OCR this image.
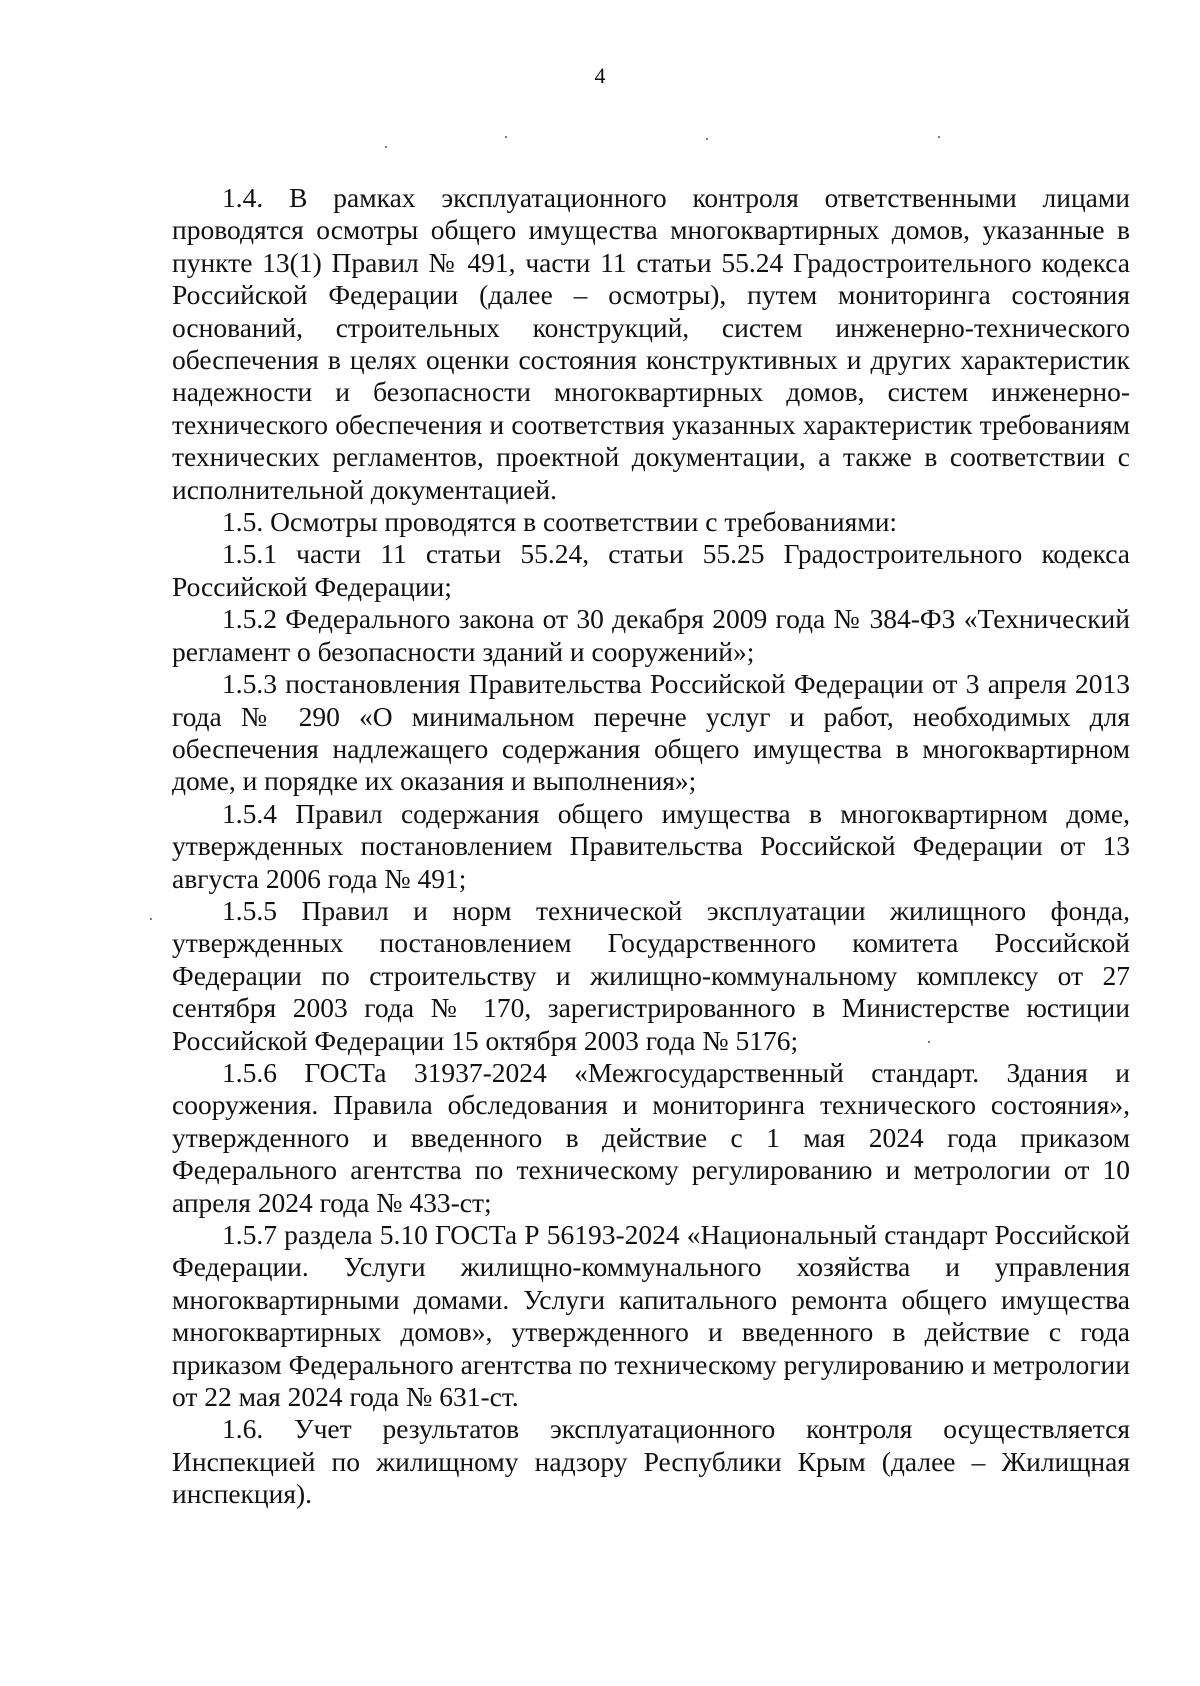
4

1.4. В рамках эксплуатационного контроля ответственными лицами проводятся осмотры общего имущества многоквартирных домов, указанные в пункте 13(1) Правил № 491, части 11 статьи 55.24 Градостроительного кодекса Российской Федерации (далее – осмотры), путем мониторинга состояния оснований, строительных конструкций, систем инженерно-технического обеспечения в целях оценки состояния конструктивных и других характеристик надежности и безопасности многоквартирных домов, систем инженерно-технического обеспечения и соответствия указанных характеристик требованиям технических регламентов, проектной документации, а также в соответствии с исполнительной документацией.

1.5. Осмотры проводятся в соответствии с требованиями:

1.5.1 части 11 статьи 55.24, статьи 55.25 Градостроительного кодекса Российской Федерации;

1.5.2 Федерального закона от 30 декабря 2009 года № 384-ФЗ «Технический регламент о безопасности зданий и сооружений»;

1.5.3 постановления Правительства Российской Федерации от 3 апреля 2013 года № 290 «О минимальном перечне услуг и работ, необходимых для обеспечения надлежащего содержания общего имущества в многоквартирном доме, и порядке их оказания и выполнения»;

1.5.4 Правил содержания общего имущества в многоквартирном доме, утвержденных постановлением Правительства Российской Федерации от 13 августа 2006 года № 491;

1.5.5 Правил и норм технической эксплуатации жилищного фонда, утвержденных постановлением Государственного комитета Российской Федерации по строительству и жилищно-коммунальному комплексу от 27 сентября 2003 года № 170, зарегистрированного в Министерстве юстиции Российской Федерации 15 октября 2003 года № 5176;

1.5.6 ГОСТа 31937-2024 «Межгосударственный стандарт. Здания и сооружения. Правила обследования и мониторинга технического состояния», утвержденного и введенного в действие с 1 мая 2024 года приказом Федерального агентства по техническому регулированию и метрологии от 10 апреля 2024 года № 433-ст;

1.5.7 раздела 5.10 ГОСТа Р 56193-2024 «Национальный стандарт Российской Федерации. Услуги жилищно-коммунального хозяйства и управления многоквартирными домами. Услуги капитального ремонта общего имущества многоквартирных домов», утвержденного и введенного в действие с года приказом Федерального агентства по техническому регулированию и метрологии от 22 мая 2024 года № 631-ст.

1.6. Учет результатов эксплуатационного контроля осуществляется Инспекцией по жилищному надзору Республики Крым (далее – Жилищная инспекция).
